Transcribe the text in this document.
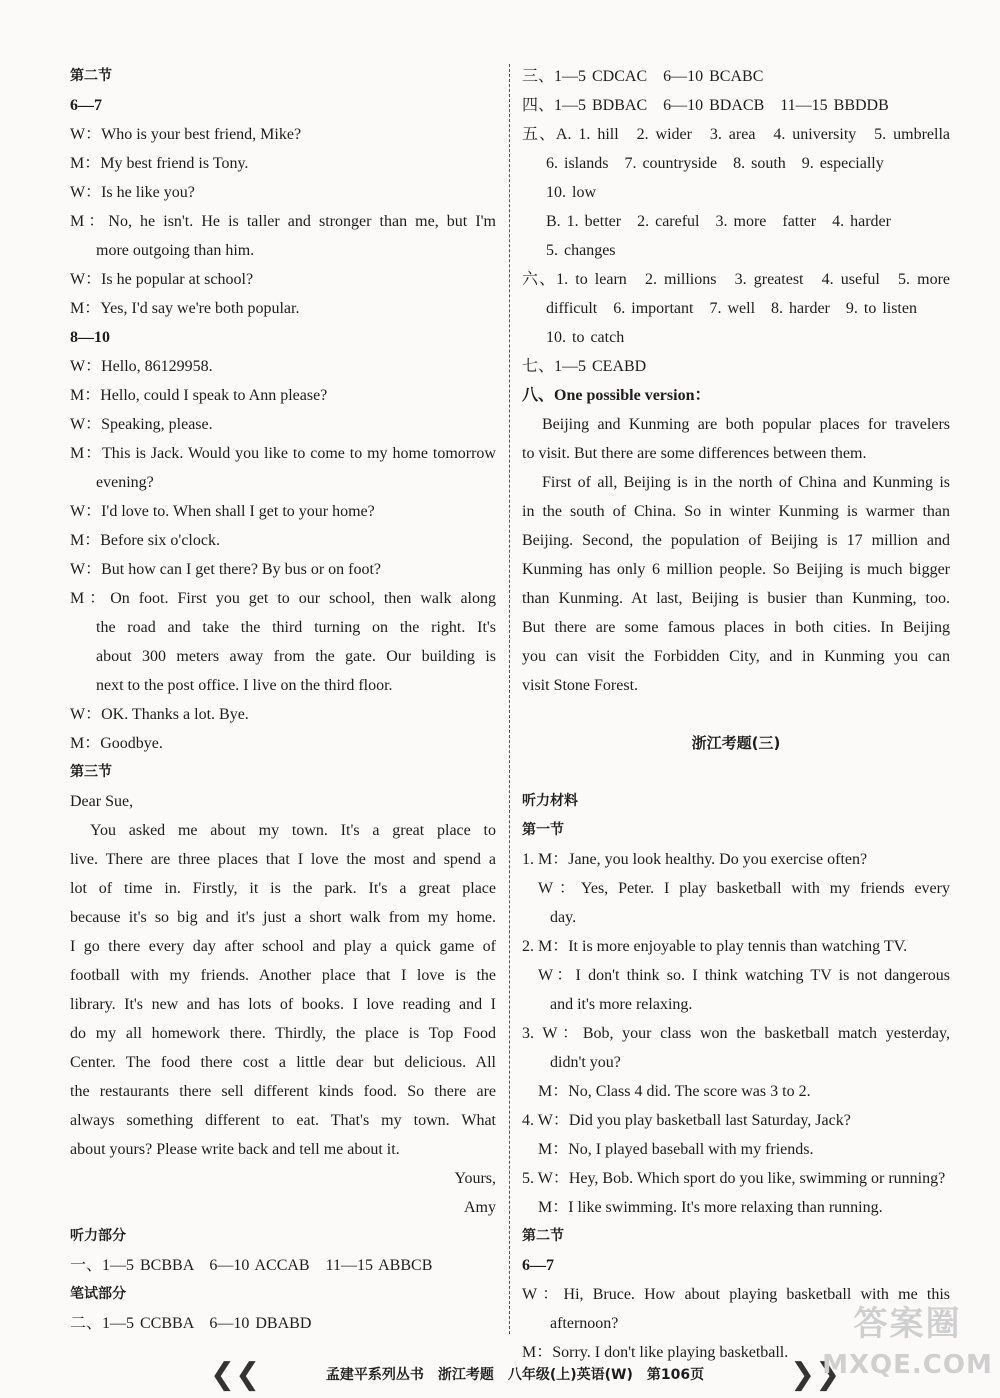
第二节
6—7
W：Who is your best friend, Mike?
M：My best friend is Tony.
W：Is he like you?
M：No, he isn't. He is taller and stronger than me, but I'm
more outgoing than him.
W：Is he popular at school?
M：Yes, I'd say we're both popular.
8—10
W：Hello, 86129958.
M：Hello, could I speak to Ann please?
W：Speaking, please.
M：This is Jack. Would you like to come to my home tomorrow
evening?
W：I'd love to. When shall I get to your home?
M：Before six o'clock.
W：But how can I get there? By bus or on foot?
M：On foot. First you get to our school, then walk along
the road and take the third turning on the right. It's
about 300 meters away from the gate. Our building is
next to the post office. I live on the third floor.
W：OK. Thanks a lot. Bye.
M：Goodbye.
第三节
Dear Sue,
You asked me about my town. It's a great place to
live. There are three places that I love the most and spend a
lot of time in. Firstly, it is the park. It's a great place
because it's so big and it's just a short walk from my home.
I go there every day after school and play a quick game of
football with my friends. Another place that I love is the
library. It's new and has lots of books. I love reading and I
do my all homework there. Thirdly, the place is Top Food
Center. The food there cost a little dear but delicious. All
the restaurants there sell different kinds food. So there are
always something different to eat. That's my town. What
about yours? Please write back and tell me about it.
Yours,
Amy
听力部分
一、1—5 BCBBA　6—10 ACCAB　11—15 ABBCB
笔试部分
二、1—5 CCBBA　6—10 DBABD
三、1—5 CDCAC　6—10 BCABC
四、1—5 BDBAC　6—10 BDACB　11—15 BBDDB
五、A. 1. hill　2. wider　3. area　4. university　5. umbrella
6. islands　7. countryside　8. south　9. especially
10. low
B. 1. better　2. careful　3. more　fatter　4. harder
5. changes
六、1. to learn　2. millions　3. greatest　4. useful　5. more
difficult　6. important　7. well　8. harder　9. to listen
10. to catch
七、1—5 CEABD
八、One possible version：
Beijing and Kunming are both popular places for travelers
to visit. But there are some differences between them.
First of all, Beijing is in the north of China and Kunming is
in the south of China. So in winter Kunming is warmer than
Beijing. Second, the population of Beijing is 17 million and
Kunming has only 6 million people. So Beijing is much bigger
than Kunming. At last, Beijing is busier than Kunming, too.
But there are some famous places in both cities. In Beijing
you can visit the Forbidden City, and in Kunming you can
visit Stone Forest.
浙江考题(三)
听力材料
第一节
1. M：Jane, you look healthy. Do you exercise often?
W：Yes, Peter. I play basketball with my friends every
day.
2. M：It is more enjoyable to play tennis than watching TV.
W：I don't think so. I think watching TV is not dangerous
and it's more relaxing.
3. W：Bob, your class won the basketball match yesterday,
didn't you?
M：No, Class 4 did. The score was 3 to 2.
4. W：Did you play basketball last Saturday, Jack?
M：No, I played baseball with my friends.
5. W：Hey, Bob. Which sport do you like, swimming or running?
M：I like swimming. It's more relaxing than running.
第二节
6—7
W：Hi, Bruce. How about playing basketball with me this
afternoon?
M：Sorry. I don't like playing basketball.
❮❮	孟建平系列丛书　浙江考题　八年级(上)英语(W)　第106页	❯❯
答案圈
MXQE.COM
